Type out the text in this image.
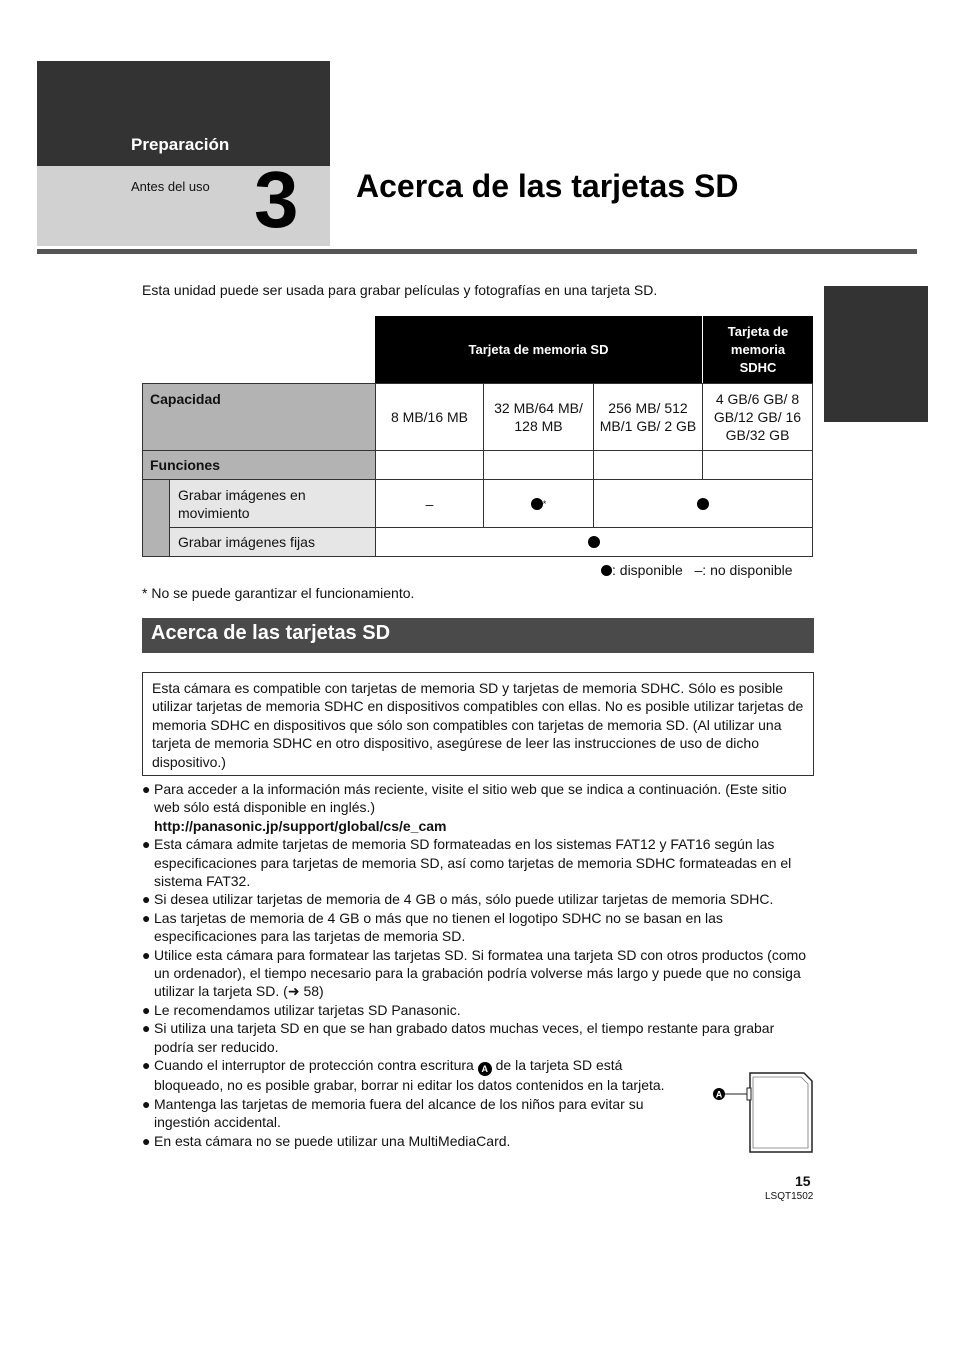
Preparación
Antes del uso 3 Acerca de las tarjetas SD
Esta unidad puede ser usada para grabar películas y fotografías en una tarjeta SD.
Tarjeta de memoria SD
Tarjeta de memoria SDHC
Capacidad
8 MB/16 MB
32 MB/64 MB/ 128 MB
256 MB/ 512 MB/1 GB/ 2 GB
4 GB/6 GB/ 8 GB/12 GB/ 16 GB/32 GB
Funciones
Grabar imágenes en movimiento
–	*
Grabar imágenes fijas
: disponible –: no disponible
* No se puede garantizar el funcionamiento.
Acerca de las tarjetas SD
Esta cámara es compatible con tarjetas de memoria SD y tarjetas de memoria SDHC. Sólo es posible utilizar tarjetas de memoria SDHC en dispositivos compatibles con ellas. No es posible utilizar tarjetas de memoria SDHC en dispositivos que sólo son compatibles con tarjetas de memoria SD. (Al utilizar una tarjeta de memoria SDHC en otro dispositivo, asegúrese de leer las instrucciones de uso de dicho dispositivo.)
● Para acceder a la información más reciente, visite el sitio web que se indica a continuación. (Este sitio web sólo está disponible en inglés.)
http://panasonic.jp/support/global/cs/e_cam
● Esta cámara admite tarjetas de memoria SD formateadas en los sistemas FAT12 y FAT16 según las especificaciones para tarjetas de memoria SD, así como tarjetas de memoria SDHC formateadas en el sistema FAT32.
● Si desea utilizar tarjetas de memoria de 4 GB o más, sólo puede utilizar tarjetas de memoria SDHC.
● Las tarjetas de memoria de 4 GB o más que no tienen el logotipo SDHC no se basan en las especificaciones para las tarjetas de memoria SD.
● Utilice esta cámara para formatear las tarjetas SD. Si formatea una tarjeta SD con otros productos (como un ordenador), el tiempo necesario para la grabación podría volverse más largo y puede que no consiga utilizar la tarjeta SD. (➜ 58)
● Le recomendamos utilizar tarjetas SD Panasonic.
● Si utiliza una tarjeta SD en que se han grabado datos muchas veces, el tiempo restante para grabar podría ser reducido.
● Cuando el interruptor de protección contra escritura A de la tarjeta SD está bloqueado, no es posible grabar, borrar ni editar los datos contenidos en la tarjeta.
● Mantenga las tarjetas de memoria fuera del alcance de los niños para evitar su ingestión accidental.
● En esta cámara no se puede utilizar una MultiMediaCard.
A
15
LSQT1502
